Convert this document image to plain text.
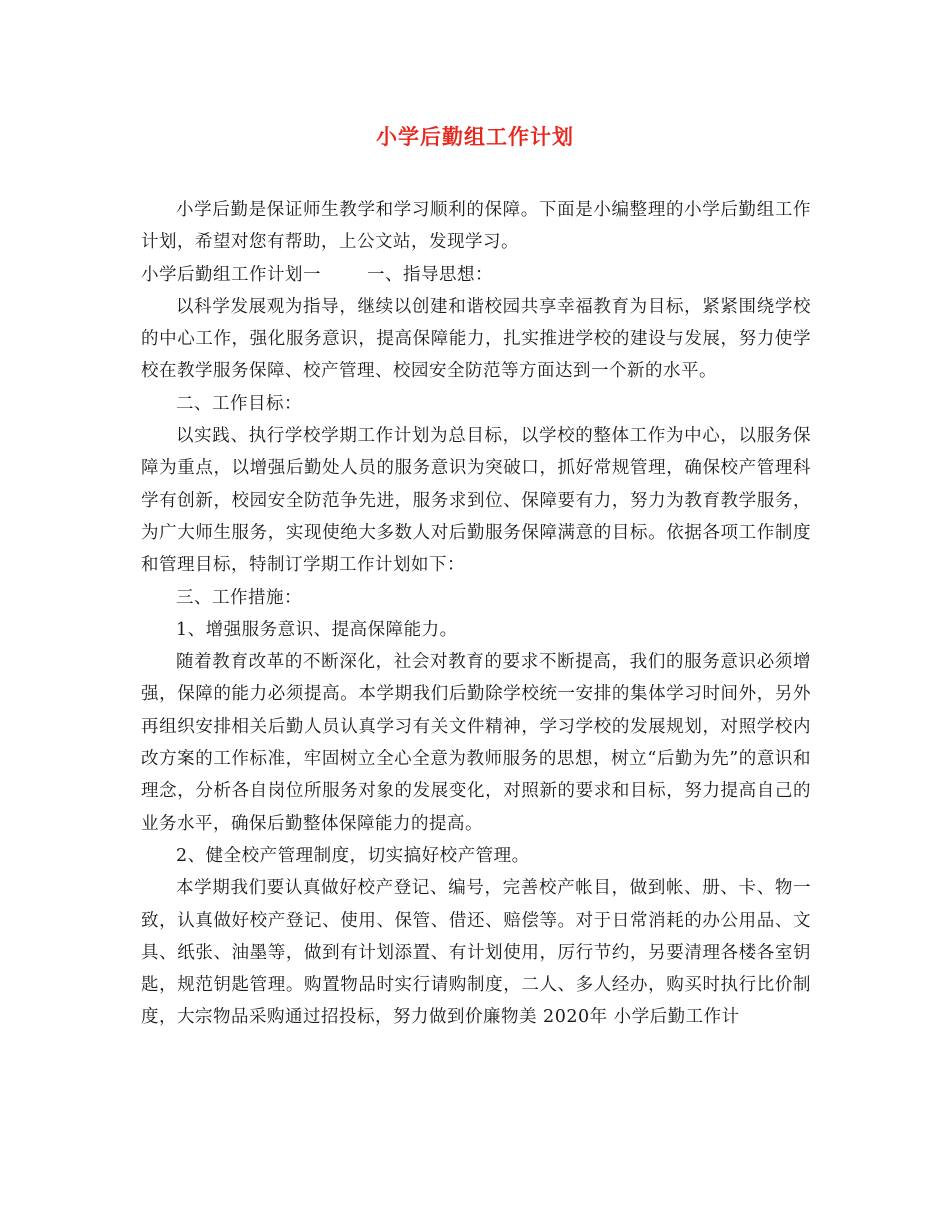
小学后勤组工作计划

小学后勤是保证师生教学和学习顺利的保障。下面是小编整理的小学后勤组工作计划，希望对您有帮助，上公文站，发现学习。

小学后勤组工作计划一	一、指导思想：

以科学发展观为指导，继续以创建和谐校园共享幸福教育为目标，紧紧围绕学校的中心工作，强化服务意识，提高保障能力，扎实推进学校的建设与发展，努力使学校在教学服务保障、校产管理、校园安全防范等方面达到一个新的水平。

二、工作目标：

以实践、执行学校学期工作计划为总目标，以学校的整体工作为中心，以服务保障为重点，以增强后勤处人员的服务意识为突破口，抓好常规管理，确保校产管理科学有创新，校园安全防范争先进，服务求到位、保障要有力，努力为教育教学服务，为广大师生服务，实现使绝大多数人对后勤服务保障满意的目标。依据各项工作制度和管理目标，特制订学期工作计划如下：

三、工作措施：

1、增强服务意识、提高保障能力。

随着教育改革的不断深化，社会对教育的要求不断提高，我们的服务意识必须增强，保障的能力必须提高。本学期我们后勤除学校统一安排的集体学习时间外，另外再组织安排相关后勤人员认真学习有关文件精神，学习学校的发展规划，对照学校内改方案的工作标准，牢固树立全心全意为教师服务的思想，树立“后勤为先”的意识和理念，分析各自岗位所服务对象的发展变化，对照新的要求和目标，努力提高自己的业务水平，确保后勤整体保障能力的提高。

2、健全校产管理制度，切实搞好校产管理。

本学期我们要认真做好校产登记、编号，完善校产帐目，做到帐、册、卡、物一致，认真做好校产登记、使用、保管、借还、赔偿等。对于日常消耗的办公用品、文具、纸张、油墨等，做到有计划添置、有计划使用，厉行节约，另要清理各楼各室钥匙，规范钥匙管理。购置物品时实行请购制度，二人、多人经办，购买时执行比价制度，大宗物品采购通过招投标，努力做到价廉物美 2020年 小学后勤工作计
